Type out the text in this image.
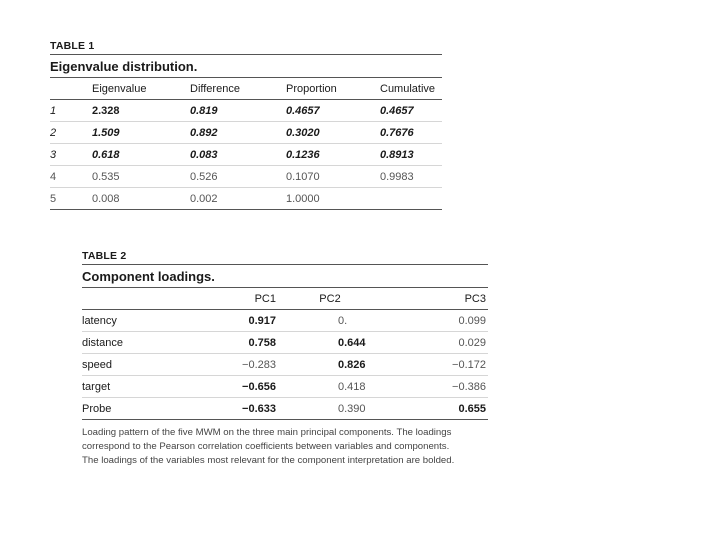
TABLE 1

Eigenvalue distribution.

	Eigenvalue	Difference	Proportion	Cumulative
1	2.328	0.819	0.4657	0.4657
2	1.509	0.892	0.3020	0.7676
3	0.618	0.083	0.1236	0.8913
4	0.535	0.526	0.1070	0.9983
5	0.008	0.002	1.0000	

TABLE 2

Component loadings.

	PC1	PC2	PC3
latency	0.917	0.	0.099
distance	0.758	0.644	0.029
speed	−0.283	0.826	−0.172
target	−0.656	0.418	−0.386
Probe	−0.633	0.390	0.655

Loading pattern of the five MWM on the three main principal components. The loadings
correspond to the Pearson correlation coefficients between variables and components.
The loadings of the variables most relevant for the component interpretation are bolded.
